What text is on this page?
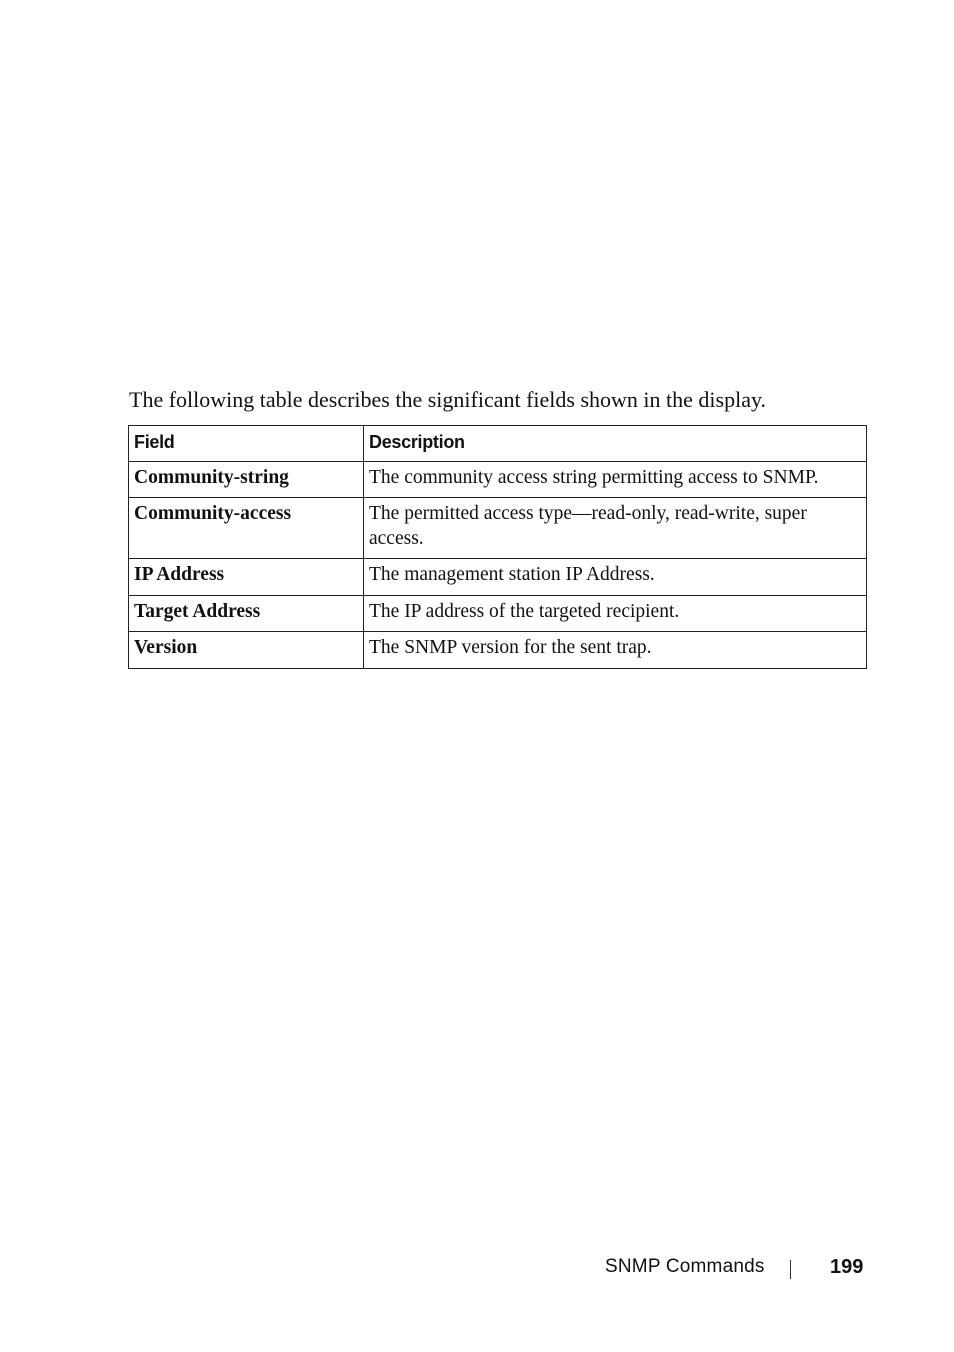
The following table describes the significant fields shown in the display.

Field	Description
Community-string	The community access string permitting access to SNMP.
Community-access	The permitted access type—read-only, read-write, super access.
IP Address	The management station IP Address.
Target Address	The IP address of the targeted recipient.
Version	The SNMP version for the sent trap.
SNMP Commands	199
